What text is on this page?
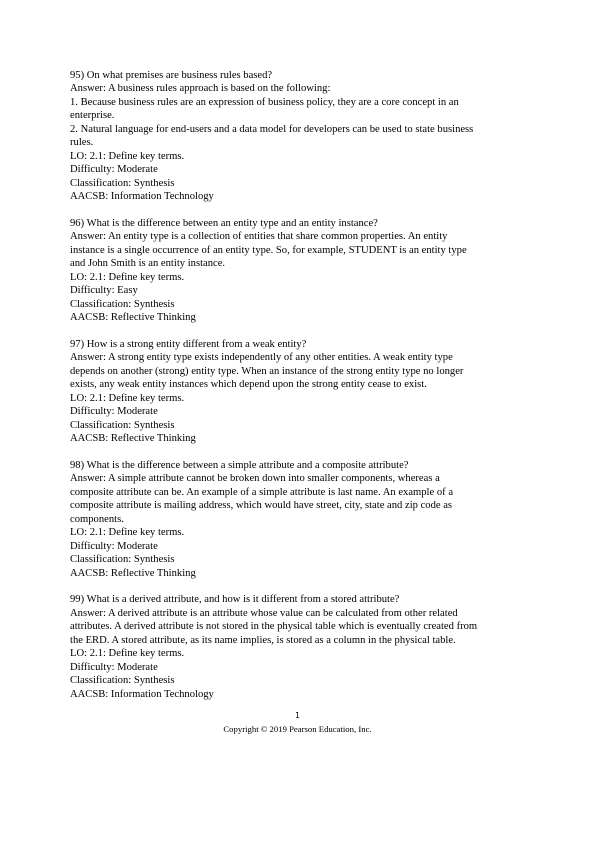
95) On what premises are business rules based?
Answer: A business rules approach is based on the following:
1. Because business rules are an expression of business policy, they are a core concept in an
enterprise.
2. Natural language for end-users and a data model for developers can be used to state business
rules.
LO: 2.1: Define key terms.
Difficulty: Moderate
Classification: Synthesis
AACSB: Information Technology
96) What is the difference between an entity type and an entity instance?
Answer: An entity type is a collection of entities that share common properties. An entity
instance is a single occurrence of an entity type. So, for example, STUDENT is an entity type
and John Smith is an entity instance.
LO: 2.1: Define key terms.
Difficulty: Easy
Classification: Synthesis
AACSB: Reflective Thinking
97) How is a strong entity different from a weak entity?
Answer: A strong entity type exists independently of any other entities. A weak entity type
depends on another (strong) entity type. When an instance of the strong entity type no longer
exists, any weak entity instances which depend upon the strong entity cease to exist.
LO: 2.1: Define key terms.
Difficulty: Moderate
Classification: Synthesis
AACSB: Reflective Thinking
98) What is the difference between a simple attribute and a composite attribute?
Answer: A simple attribute cannot be broken down into smaller components, whereas a
composite attribute can be. An example of a simple attribute is last name. An example of a
composite attribute is mailing address, which would have street, city, state and zip code as
components.
LO: 2.1: Define key terms.
Difficulty: Moderate
Classification: Synthesis
AACSB: Reflective Thinking
99) What is a derived attribute, and how is it different from a stored attribute?
Answer: A derived attribute is an attribute whose value can be calculated from other related
attributes. A derived attribute is not stored in the physical table which is eventually created from
the ERD. A stored attribute, as its name implies, is stored as a column in the physical table.
LO: 2.1: Define key terms.
Difficulty: Moderate
Classification: Synthesis
AACSB: Information Technology
1
Copyright © 2019 Pearson Education, Inc.
